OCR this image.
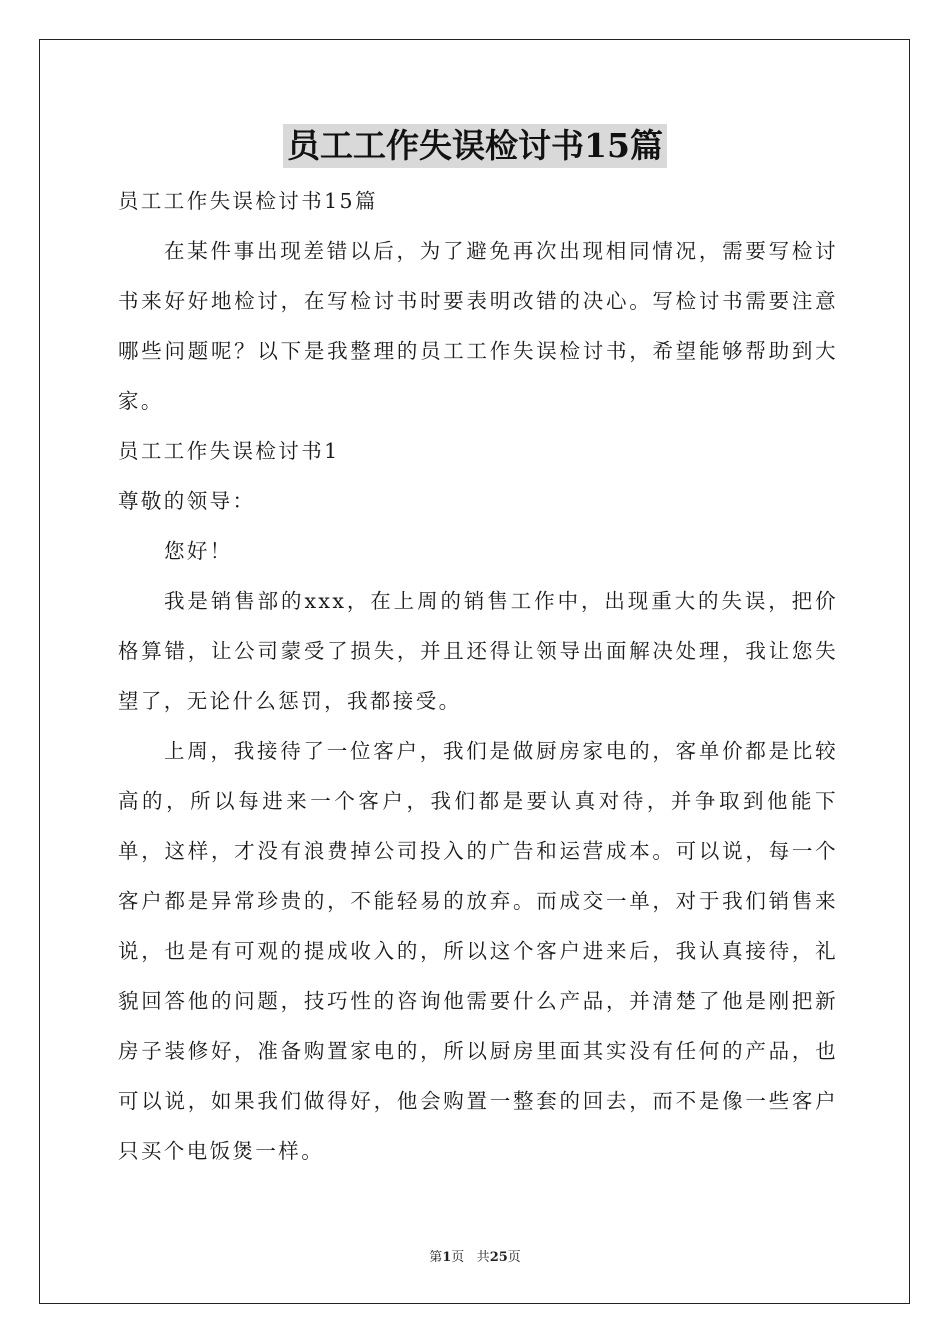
员工工作失误检讨书15篇

员工工作失误检讨书15篇

在某件事出现差错以后，为了避免再次出现相同情况，需要写检讨书来好好地检讨，在写检讨书时要表明改错的决心。写检讨书需要注意哪些问题呢？以下是我整理的员工工作失误检讨书，希望能够帮助到大家。

员工工作失误检讨书1

尊敬的领导：

您好！

我是销售部的xxx，在上周的销售工作中，出现重大的失误，把价格算错，让公司蒙受了损失，并且还得让领导出面解决处理，我让您失望了，无论什么惩罚，我都接受。

上周，我接待了一位客户，我们是做厨房家电的，客单价都是比较高的，所以每进来一个客户，我们都是要认真对待，并争取到他能下单，这样，才没有浪费掉公司投入的广告和运营成本。可以说，每一个客户都是异常珍贵的，不能轻易的放弃。而成交一单，对于我们销售来说，也是有可观的提成收入的，所以这个客户进来后，我认真接待，礼貌回答他的问题，技巧性的咨询他需要什么产品，并清楚了他是刚把新房子装修好，准备购置家电的，所以厨房里面其实没有任何的产品，也可以说，如果我们做得好，他会购置一整套的回去，而不是像一些客户只买个电饭煲一样。

第1页 共25页
